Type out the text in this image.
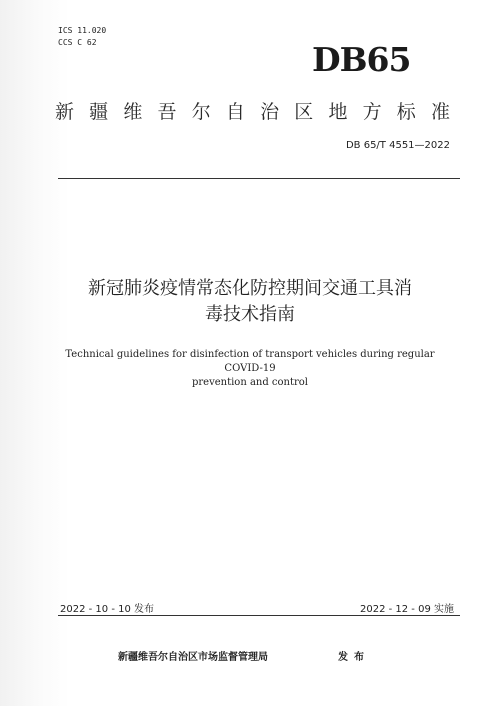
ICS 11.020
CCS C 62	DB65
新疆维吾尔自治区地方标准
DB 65/T 4551—2022
新冠肺炎疫情常态化防控期间交通工具消
毒技术指南
Technical guidelines for disinfection of transport vehicles during regular COVID-19
prevention and control
2022 - 10 - 10 发布	2022 - 12 - 09 实施
新疆维吾尔自治区市场监督管理局	发布
